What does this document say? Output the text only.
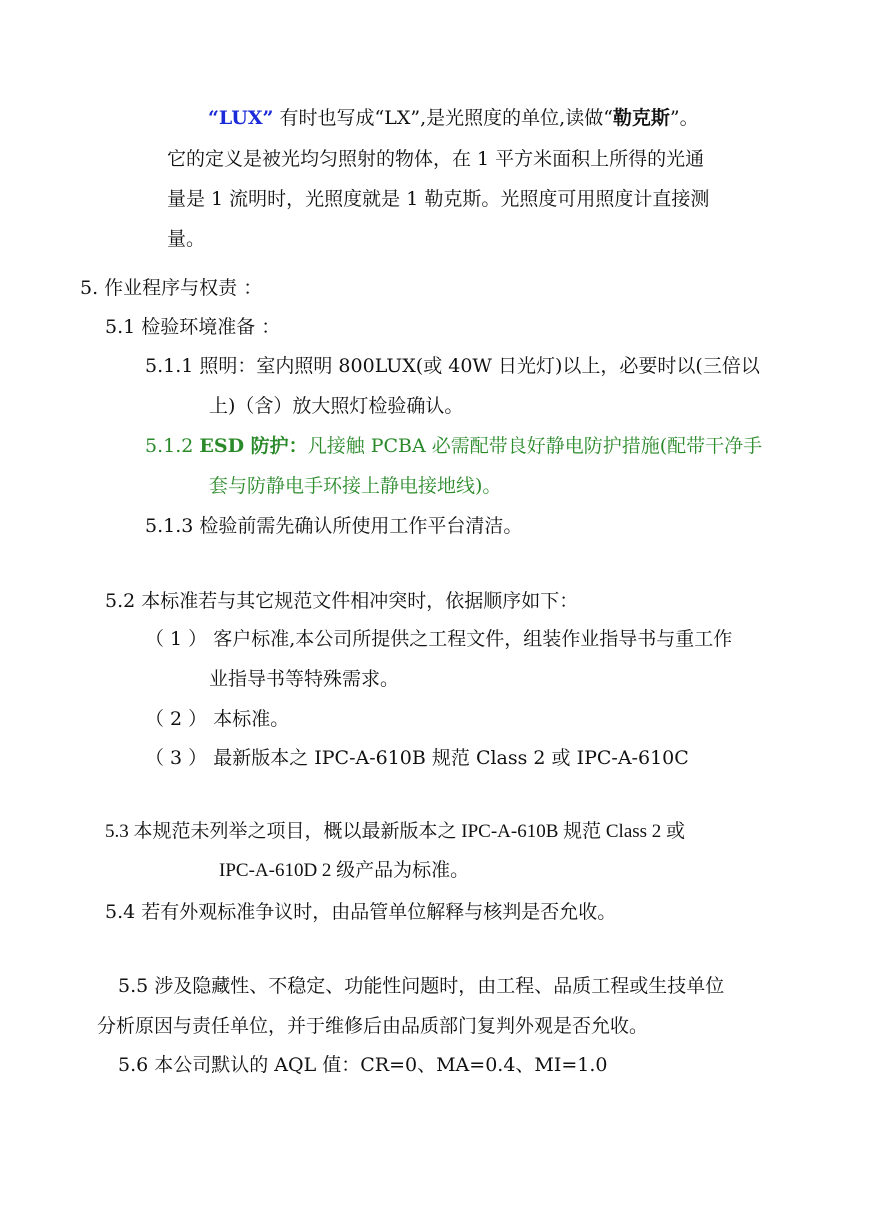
“LUX” 有时也写成“LX”,是光照度的单位,读做“勒克斯”。
它的定义是被光均匀照射的物体，在 1 平方米面积上所得的光通
量是 1 流明时，光照度就是 1 勒克斯。光照度可用照度计直接测
量。
5. 作业程序与权责 ：
5.1 检验环境准备 ：
5.1.1 照明：室内照明 800LUX(或 40W 日光灯)以上，必要时以(三倍以
上)（含）放大照灯检验确认。
5.1.2 ESD 防护：凡接触 PCBA 必需配带良好静电防护措施(配带干净手
套与防静电手环接上静电接地线)。
5.1.3 检验前需先确认所使用工作平台清洁。
5.2 本标准若与其它规范文件相冲突时，依据顺序如下：
（ 1 ） 客户标准,本公司所提供之工程文件，组装作业指导书与重工作
业指导书等特殊需求。
（ 2 ） 本标准。
（ 3 ） 最新版本之 IPC-A-610B 规范 Class 2 或 IPC-A-610C
5.3 本规范未列举之项目，概以最新版本之 IPC-A-610B 规范 Class 2 或
IPC-A-610D 2 级产品为标准。
5.4 若有外观标准争议时，由品管单位解释与核判是否允收。
5.5 涉及隐藏性、不稳定、功能性问题时，由工程、品质工程或生技单位
分析原因与责任单位，并于维修后由品质部门复判外观是否允收。
5.6 本公司默认的 AQL 值：CR=0、MA=0.4、MI=1.0
